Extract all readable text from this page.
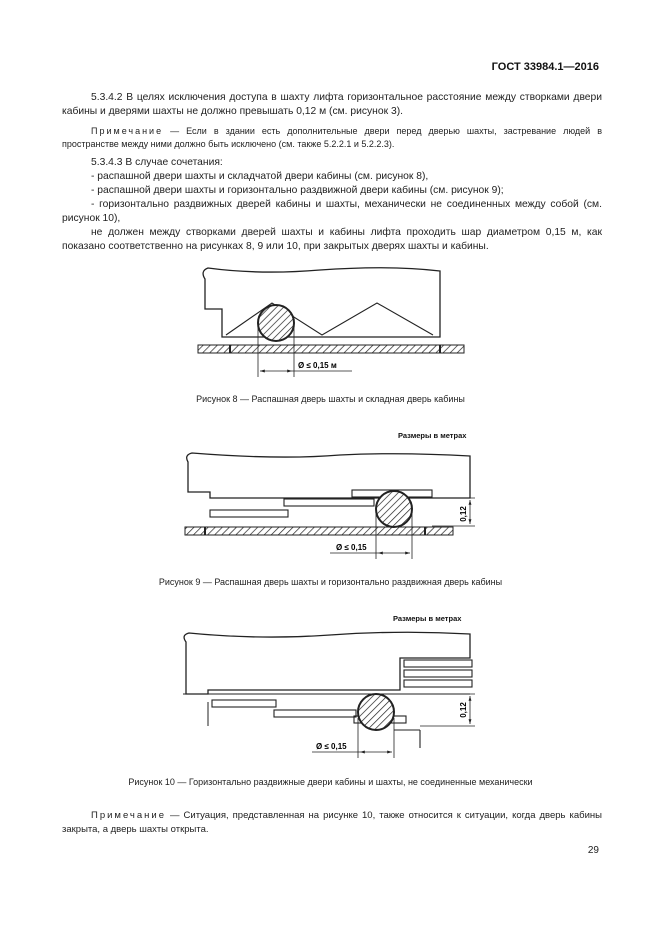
ГОСТ 33984.1—2016

5.3.4.2 В целях исключения доступа в шахту лифта горизонтальное расстояние между створками двери кабины и дверями шахты не должно превышать 0,12 м (см. рисунок 3).

Примечание — Если в здании есть дополнительные двери перед дверью шахты, застревание людей в пространстве между ними должно быть исключено (см. также 5.2.2.1 и 5.2.2.3).

5.3.4.3 В случае сочетания:

- распашной двери шахты и складчатой двери кабины (см. рисунок 8),

- распашной двери шахты и горизонтально раздвижной двери кабины (см. рисунок 9);

- горизонтально раздвижных дверей кабины и шахты, механически не соединенных между собой (см. рисунок 10),

не должен между створками дверей шахты и кабины лифта проходить шар диаметром 0,15 м, как показано соответственно на рисунках 8, 9 или 10, при закрытых дверях шахты и кабины.

Ø ≤ 0,15 м
Рисунок 8 — Распашная дверь шахты и складная дверь кабины
Размеры в метрах
0,12
Ø ≤ 0,15
Рисунок 9 — Распашная дверь шахты и горизонтально раздвижная дверь кабины
Размеры в метрах
0,12
Ø ≤ 0,15
Рисунок 10 — Горизонтально раздвижные двери кабины и шахты, не соединенные механически

Примечание — Ситуация, представленная на рисунке 10, также относится к ситуации, когда дверь кабины закрыта, а дверь шахты открыта.

29
